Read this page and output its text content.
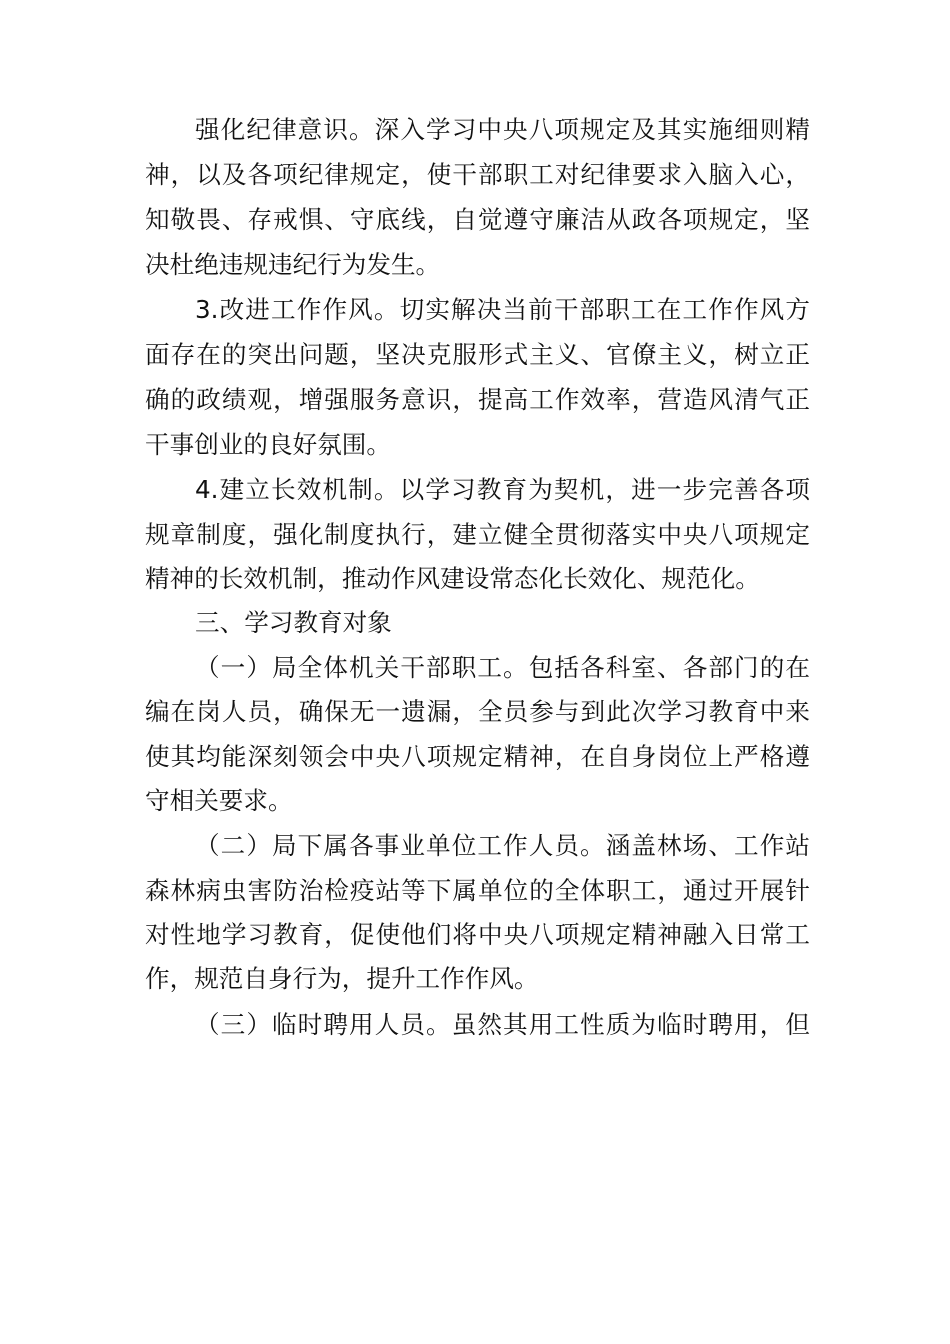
强化纪律意识。深入学习中央八项规定及其实施细则精
神，以及各项纪律规定，使干部职工对纪律要求入脑入心，
知敬畏、存戒惧、守底线，自觉遵守廉洁从政各项规定，坚
决杜绝违规违纪行为发生。
3.改进工作作风。切实解决当前干部职工在工作作风方
面存在的突出问题，坚决克服形式主义、官僚主义，树立正
确的政绩观，增强服务意识，提高工作效率，营造风清气正
干事创业的良好氛围。
4.建立长效机制。以学习教育为契机，进一步完善各项
规章制度，强化制度执行，建立健全贯彻落实中央八项规定
精神的长效机制，推动作风建设常态化长效化、规范化。
三、学习教育对象
（一）局全体机关干部职工。包括各科室、各部门的在
编在岗人员，确保无一遗漏，全员参与到此次学习教育中来
使其均能深刻领会中央八项规定精神，在自身岗位上严格遵
守相关要求。
（二）局下属各事业单位工作人员。涵盖林场、工作站
森林病虫害防治检疫站等下属单位的全体职工，通过开展针
对性地学习教育，促使他们将中央八项规定精神融入日常工
作，规范自身行为，提升工作作风。
（三）临时聘用人员。虽然其用工性质为临时聘用，但
